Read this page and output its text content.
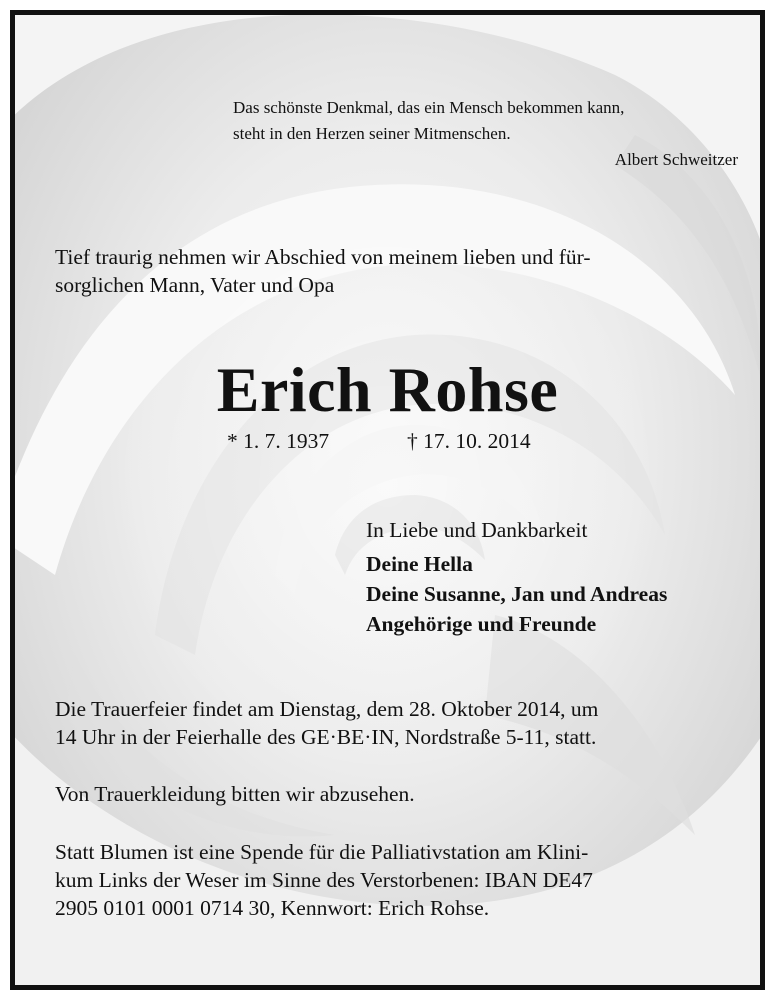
Das schönste Denkmal, das ein Mensch bekommen kann,
steht in den Herzen seiner Mitmenschen.
Albert Schweitzer
Tief traurig nehmen wir Abschied von meinem lieben und für-
sorglichen Mann, Vater und Opa
Erich Rohse
* 1. 7. 1937	† 17. 10. 2014
In Liebe und Dankbarkeit
Deine Hella
Deine Susanne, Jan und Andreas
Angehörige und Freunde
Die Trauerfeier findet am Dienstag, dem 28. Oktober 2014, um
14 Uhr in der Feierhalle des GE·BE·IN, Nordstraße 5-11, statt.
Von Trauerkleidung bitten wir abzusehen.
Statt Blumen ist eine Spende für die Palliativstation am Klini-
kum Links der Weser im Sinne des Verstorbenen: IBAN DE47
2905 0101 0001 0714 30, Kennwort: Erich Rohse.
